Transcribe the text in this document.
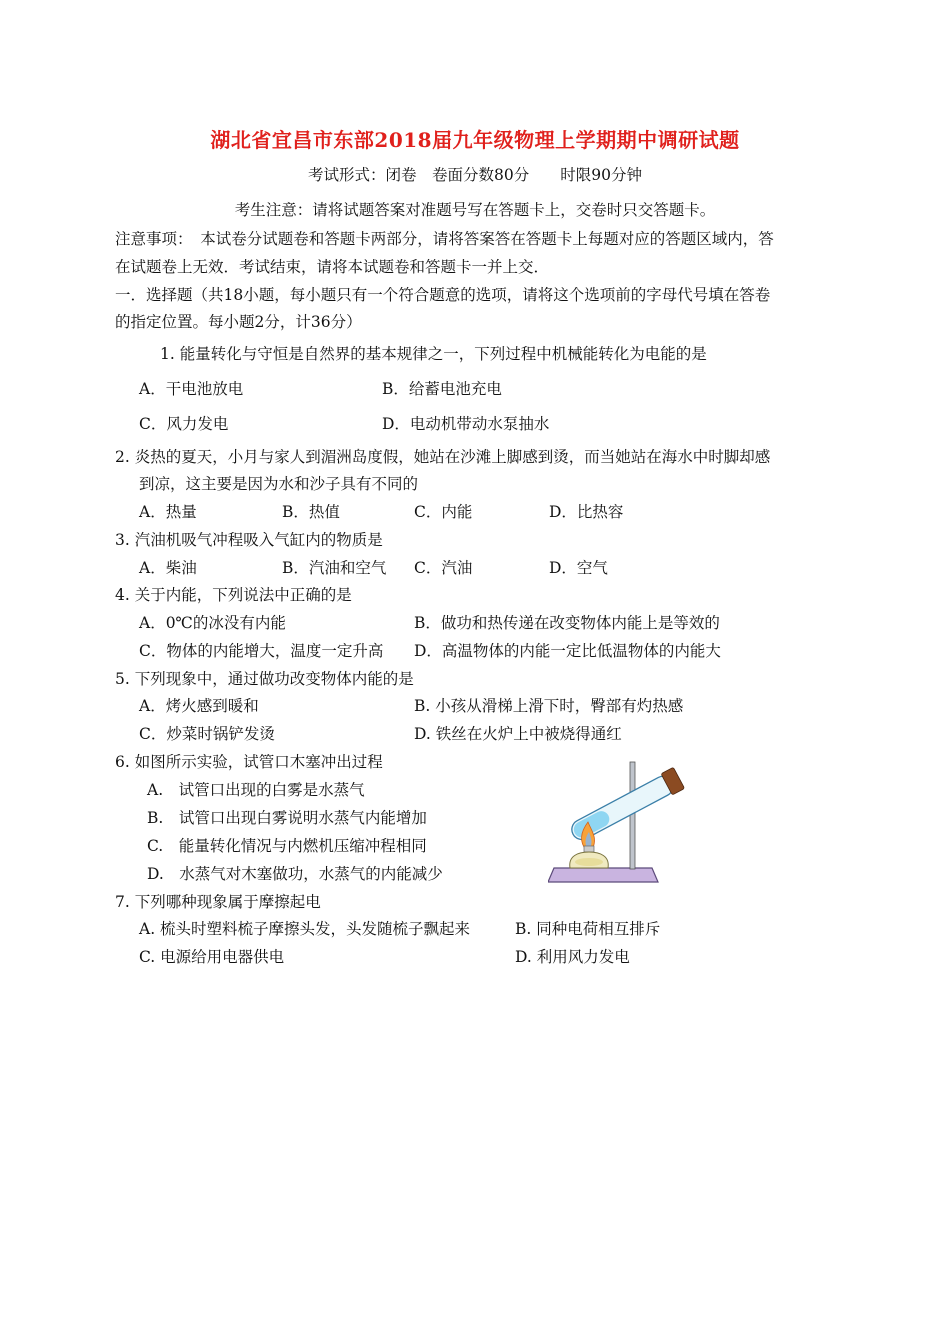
湖北省宜昌市东部2018届九年级物理上学期期中调研试题
考试形式：闭卷　卷面分数80分　　时限90分钟
考生注意：请将试题答案对准题号写在答题卡上，交卷时只交答题卡。
注意事项：　本试卷分试题卷和答题卡两部分，请将答案答在答题卡上每题对应的答题区域内，答
在试题卷上无效．考试结束，请将本试题卷和答题卡一并上交．
一．选择题（共18小题，每小题只有一个符合题意的选项，请将这个选项前的字母代号填在答卷
的指定位置。每小题2分，计36分）
1. 能量转化与守恒是自然界的基本规律之一，下列过程中机械能转化为电能的是
A．干电池放电	B．给蓄电池充电
C．风力发电	D．电动机带动水泵抽水
2. 炎热的夏天，小月与家人到湄洲岛度假，她站在沙滩上脚感到烫，而当她站在海水中时脚却感
到凉，这主要是因为水和沙子具有不同的
A．热量	B．热值	C．内能	D．比热容
3. 汽油机吸气冲程吸入气缸内的物质是
A．柴油	B．汽油和空气 C．汽油	D．空气
4. 关于内能，下列说法中正确的是
A．0℃的冰没有内能	B．做功和热传递在改变物体内能上是等效的
C．物体的内能增大，温度一定升高 D．高温物体的内能一定比低温物体的内能大
5. 下列现象中，通过做功改变物体内能的是
A．烤火感到暖和	B. 小孩从滑梯上滑下时，臀部有灼热感
C．炒菜时锅铲发烫	D. 铁丝在火炉上中被烧得通红
6. 如图所示实验，试管口木塞冲出过程
A.　试管口出现的白雾是水蒸气
B.　试管口出现白雾说明水蒸气内能增加
C.　能量转化情况与内燃机压缩冲程相同
D.　水蒸气对木塞做功，水蒸气的内能减少
7. 下列哪种现象属于摩擦起电
A. 梳头时塑料梳子摩擦头发，头发随梳子飘起来	B. 同种电荷相互排斥
C. 电源给用电器供电	D. 利用风力发电
